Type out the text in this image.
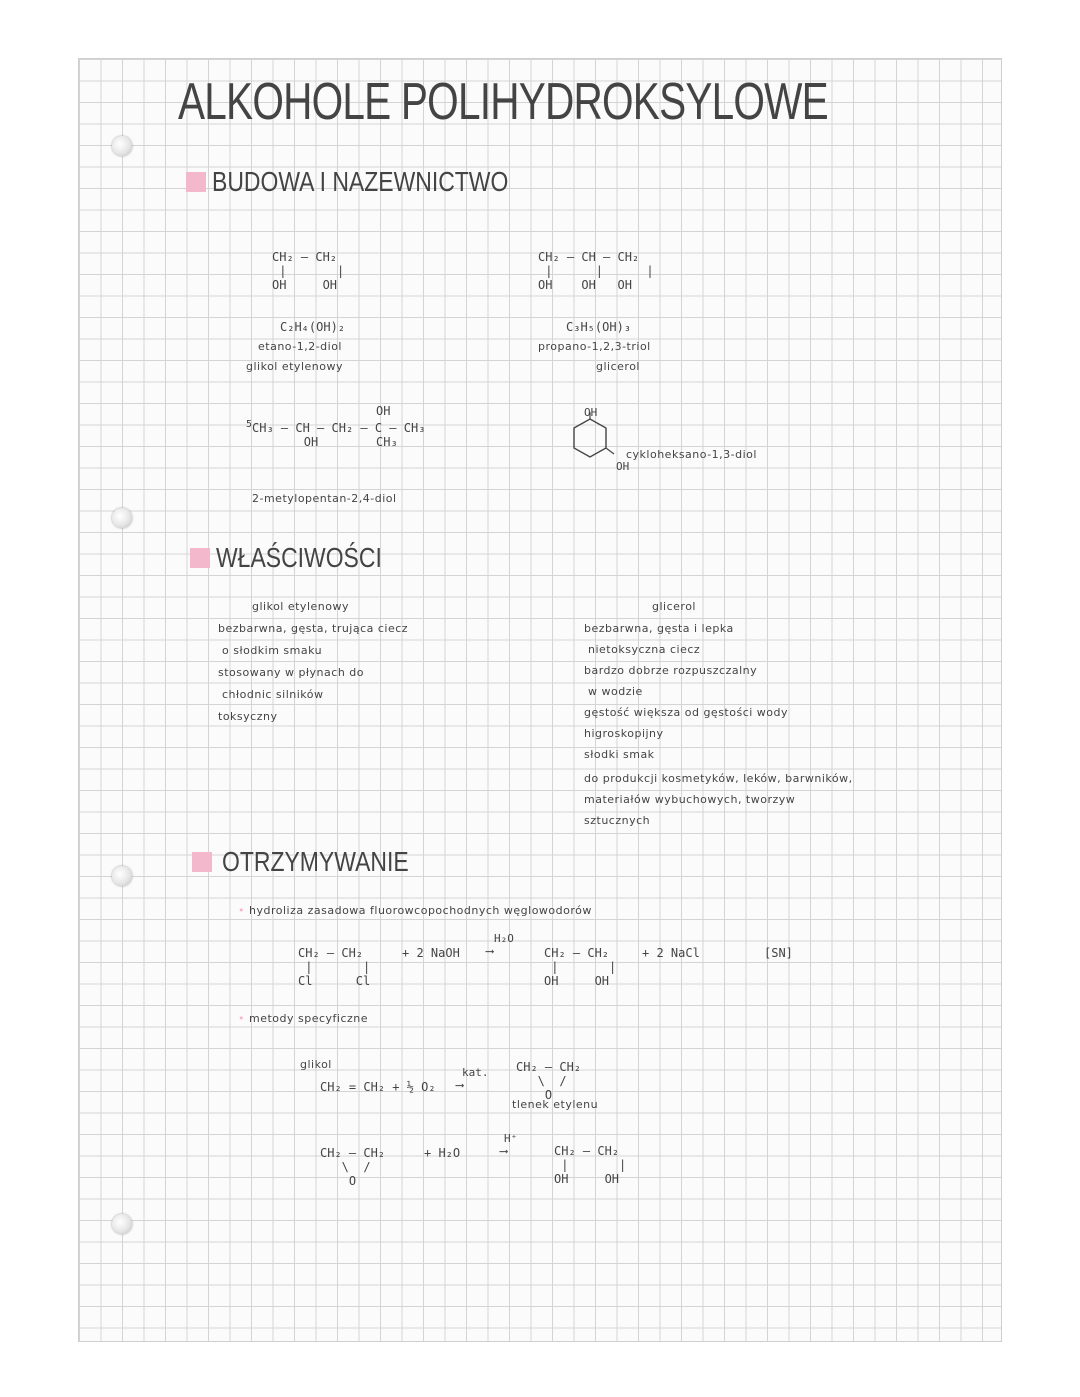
ALKOHOLE POLIHYDROKSYLOWE
BUDOWA I NAZEWNICTWO
CH₂ – CH₂
|       |
OH     OH
C₂H₄(OH)₂
etano-1,2-diol
glikol etylenowy
CH₂ – CH – CH₂
|      |      |
OH    OH   OH
C₃H₅(OH)₃
propano-1,2,3-triol
glicerol
OH
$^5$CH₃ – CH – CH₂ – C – CH₃
OH        CH₃
2-metylopentan-2,4-diol
OH
OH
cykloheksano-1,3-diol
WŁAŚCIWOŚCI
glikol etylenowy
bezbarwna, gęsta, trująca ciecz
o słodkim smaku
stosowany w płynach do
chłodnic silników
toksyczny
glicerol
bezbarwna, gęsta i lepka
nietoksyczna ciecz
bardzo dobrze rozpuszczalny
w wodzie
gęstość większa od gęstości wody
higroskopijny
słodki smak
do produkcji kosmetyków, leków, barwników,
materiałów wybuchowych, tworzyw
sztucznych
OTRZYMYWANIE
• hydroliza zasadowa fluorowcopochodnych węglowodorów
CH₂ – CH₂
|       |
Cl      Cl
+ 2 NaOH
H₂O
⟶	CH₂ – CH₂
|       |
OH     OH
+ 2 NaCl	[SN]
• metody specyficzne
glikol
CH₂ = CH₂ + ½ O₂
kat.
⟶
CH₂ – CH₂
\  /
O
tlenek etylenu
CH₂ – CH₂
\  /
O
+ H₂O
H⁺
⟶	CH₂ – CH₂
|       |
OH     OH
